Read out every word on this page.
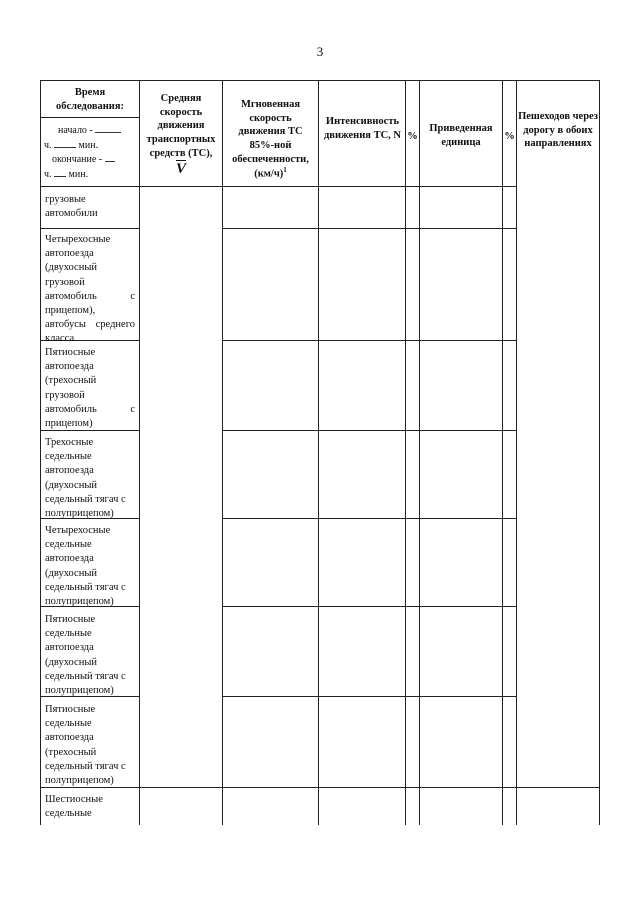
3
Время обследования:
начало -
ч.	мин.
окончание -
ч. мин.
Средняя скорость движения транспортных средств (ТС),
$\overline{V}$
Мгновенная скорость движения ТС 85%-ной обеспеченности, $(км/ч)^1$
Интенсивность движения ТС, N %
Приведенная единица
%
Пешеходов через дорогу в обоих направлениях
грузовые автомобили
Четырехосные автопоезда (двухосный грузовой автомобиль с прицепом), автобусы среднего класса
Пятиосные автопоезда (трехосный грузовой автомобиль с прицепом)
Трехосные седельные автопоезда (двухосный седельный тягач с полуприцепом)
Четырехосные седельные автопоезда (двухосный седельный тягач с полуприцепом)
Пятиосные седельные автопоезда (двухосный седельный тягач с полуприцепом)
Пятиосные седельные автопоезда (трехосный седельный тягач с полуприцепом)
Шестиосные седельные
